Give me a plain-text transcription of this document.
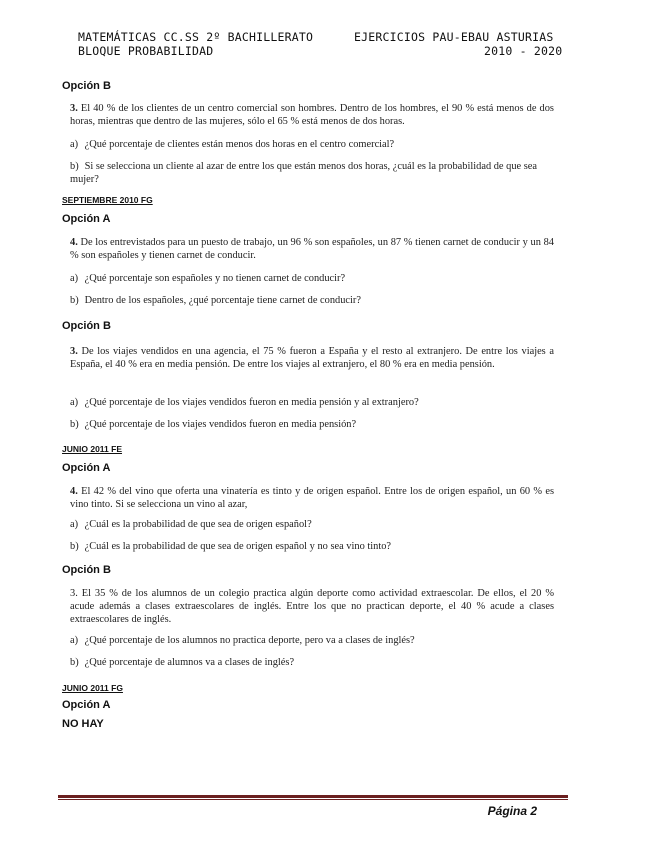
MATEMÁTICAS CC.SS 2º BACHILLERATO
BLOQUE PROBABILIDAD
EJERCICIOS PAU-EBAU ASTURIAS
2010 - 2020
Opción B
3. El 40 % de los clientes de un centro comercial son hombres. Dentro de los hombres, el 90 % está menos de dos horas, mientras que dentro de las mujeres, sólo el 65 % está menos de dos horas.
a) ¿Qué porcentaje de clientes están menos dos horas en el centro comercial?
b) Si se selecciona un cliente al azar de entre los que están menos dos horas, ¿cuál es la probabilidad de que sea mujer?
SEPTIEMBRE 2010 FG
Opción A
4. De los entrevistados para un puesto de trabajo, un 96 % son españoles, un 87 % tienen carnet de conducir y un 84 % son españoles y tienen carnet de conducir.
a) ¿Qué porcentaje son españoles y no tienen carnet de conducir?
b) Dentro de los españoles, ¿qué porcentaje tiene carnet de conducir?
Opción B
3. De los viajes vendidos en una agencia, el 75 % fueron a España y el resto al extranjero. De entre los viajes a España, el 40 % era en media pensión. De entre los viajes al extranjero, el 80 % era en media pensión.
a) ¿Qué porcentaje de los viajes vendidos fueron en media pensión y al extranjero?
b) ¿Qué porcentaje de los viajes vendidos fueron en media pensión?
JUNIO 2011 FE
Opción A
4. El 42 % del vino que oferta una vinatería es tinto y de origen español. Entre los de origen español, un 60 % es vino tinto. Si se selecciona un vino al azar,
a) ¿Cuál es la probabilidad de que sea de origen español?
b) ¿Cuál es la probabilidad de que sea de origen español y no sea vino tinto?
Opción B
3. El 35 % de los alumnos de un colegio practica algún deporte como actividad extraescolar. De ellos, el 20 % acude además a clases extraescolares de inglés. Entre los que no practican deporte, el 40 % acude a clases extraescolares de inglés.
a) ¿Qué porcentaje de los alumnos no practica deporte, pero va a clases de inglés?
b) ¿Qué porcentaje de alumnos va a clases de inglés?
JUNIO 2011 FG
Opción A
NO HAY
Página 2
